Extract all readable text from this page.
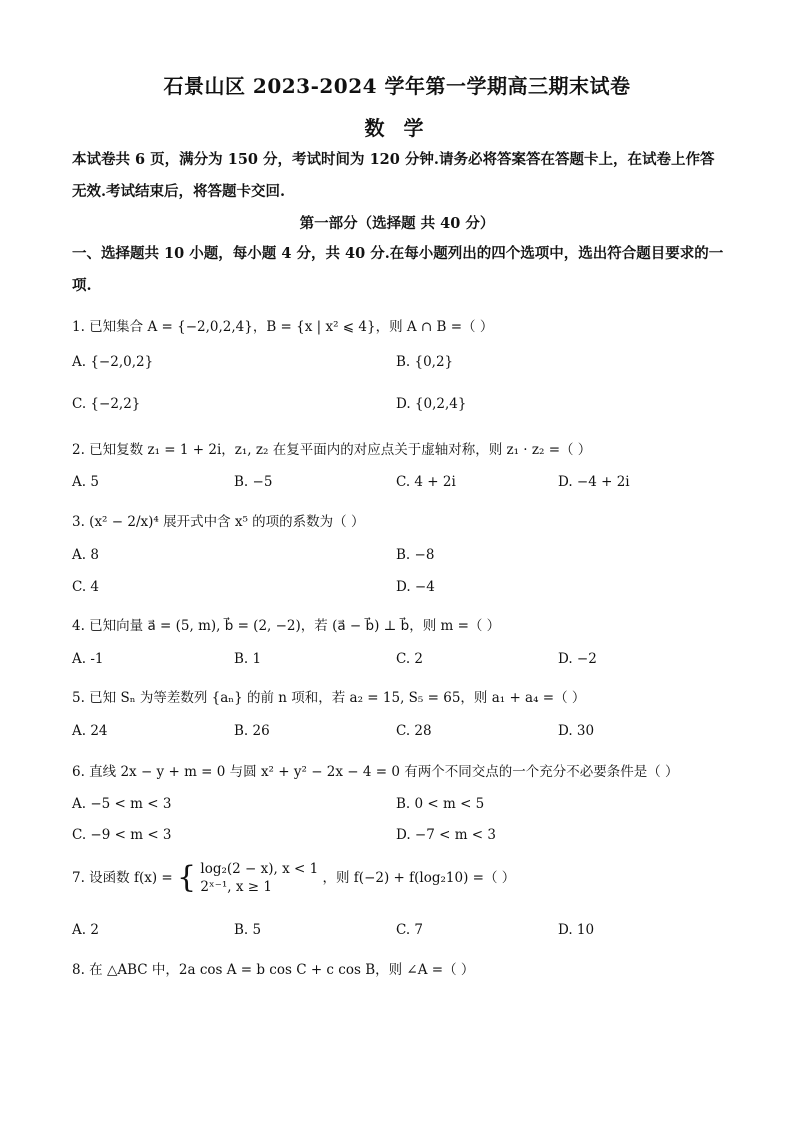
石景山区 2023-2024 学年第一学期高三期末试卷
数 学
本试卷共 6 页，满分为 150 分，考试时间为 120 分钟.请务必将答案答在答题卡上，在试卷上作答无效.考试结束后，将答题卡交回.
第一部分（选择题 共 40 分）
一、选择题共 10 小题，每小题 4 分，共 40 分.在每小题列出的四个选项中，选出符合题目要求的一项.
1. 已知集合 A = {−2,0,2,4}，B = {x | x² ⩽ 4}，则 A ∩ B =（ ）
A. {−2,0,2}	B. {0,2}
C. {−2,2}	D. {0,2,4}
2. 已知复数 z₁ = 1 + 2i，z₁, z₂ 在复平面内的对应点关于虚轴对称，则 z₁ · z₂ =（ ）
A. 5	B. −5	C. 4 + 2i	D. −4 + 2i
3. (x² − 2/x)⁴ 展开式中含 x⁵ 的项的系数为（ ）
A. 8	B. −8
C. 4	D. −4
4. 已知向量 a⃗ = (5, m), b⃗ = (2, −2)，若 (a⃗ − b⃗) ⊥ b⃗，则 m =（ ）
A. -1	B. 1	C. 2	D. −2
5. 已知 Sₙ 为等差数列 {aₙ} 的前 n 项和，若 a₂ = 15, S₅ = 65，则 a₁ + a₄ =（ ）
A. 24	B. 26	C. 28	D. 30
6. 直线 2x − y + m = 0 与圆 x² + y² − 2x − 4 = 0 有两个不同交点的一个充分不必要条件是（ ）
A. −5 < m < 3	B. 0 < m < 5
C. −9 < m < 3	D. −7 < m < 3
7. 设函数 f(x) = { log₂(2 − x), x < 1
2ˣ⁻¹, x ≥ 1
，则 f(−2) + f(log₂10) =（ ）
A. 2	B. 5	C. 7	D. 10
8. 在 △ABC 中，2a cos A = b cos C + c cos B，则 ∠A =（ ）
